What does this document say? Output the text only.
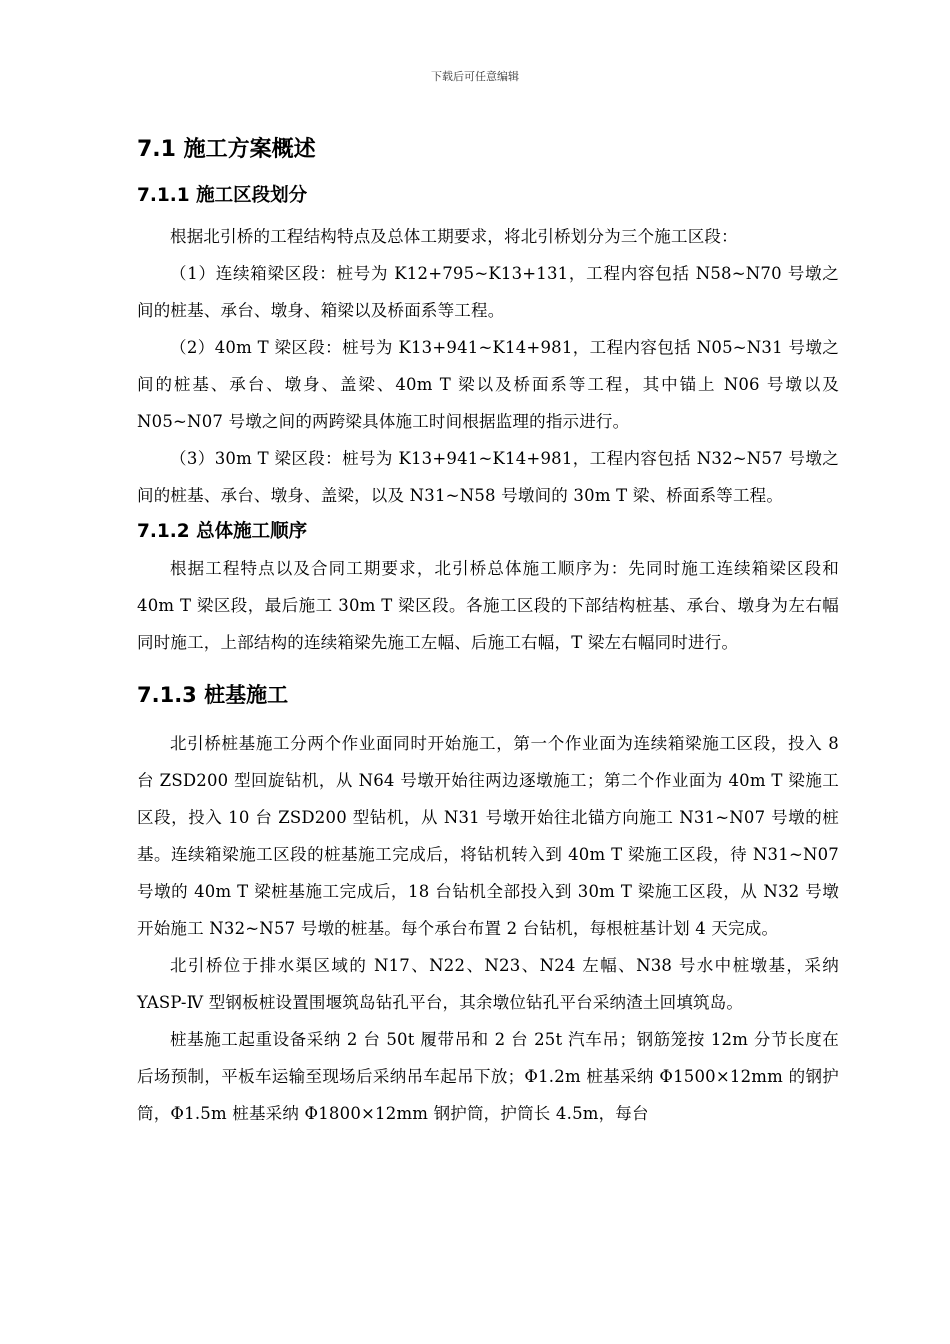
下载后可任意编辑
7.1 施工方案概述
7.1.1 施工区段划分

根据北引桥的工程结构特点及总体工期要求，将北引桥划分为三个施工区段：

（1）连续箱梁区段：桩号为 K12+795~K13+131，工程内容包括 N58~N70 号墩之间的桩基、承台、墩身、箱梁以及桥面系等工程。

（2）40m T 梁区段：桩号为 K13+941~K14+981，工程内容包括 N05~N31 号墩之间的桩基、承台、墩身、盖梁、40m T 梁以及桥面系等工程，其中锚上 N06 号墩以及 N05~N07 号墩之间的两跨梁具体施工时间根据监理的指示进行。

（3）30m T 梁区段：桩号为 K13+941~K14+981，工程内容包括 N32~N57 号墩之间的桩基、承台、墩身、盖梁，以及 N31~N58 号墩间的 30m T 梁、桥面系等工程。

7.1.2 总体施工顺序

根据工程特点以及合同工期要求，北引桥总体施工顺序为：先同时施工连续箱梁区段和 40m T 梁区段，最后施工 30m T 梁区段。各施工区段的下部结构桩基、承台、墩身为左右幅同时施工，上部结构的连续箱梁先施工左幅、后施工右幅，T 梁左右幅同时进行。

7.1.3 桩基施工

北引桥桩基施工分两个作业面同时开始施工，第一个作业面为连续箱梁施工区段，投入 8 台 ZSD200 型回旋钻机，从 N64 号墩开始往两边逐墩施工；第二个作业面为 40m T 梁施工区段，投入 10 台 ZSD200 型钻机，从 N31 号墩开始往北锚方向施工 N31~N07 号墩的桩基。连续箱梁施工区段的桩基施工完成后，将钻机转入到 40m T 梁施工区段，待 N31~N07 号墩的 40m T 梁桩基施工完成后，18 台钻机全部投入到 30m T 梁施工区段，从 N32 号墩开始施工 N32~N57 号墩的桩基。每个承台布置 2 台钻机，每根桩基计划 4 天完成。

北引桥位于排水渠区域的 N17、N22、N23、N24 左幅、N38 号水中桩墩基，采纳 YASP-Ⅳ 型钢板桩设置围堰筑岛钻孔平台，其余墩位钻孔平台采纳渣土回填筑岛。

桩基施工起重设备采纳 2 台 50t 履带吊和 2 台 25t 汽车吊；钢筋笼按 12m 分节长度在后场预制，平板车运输至现场后采纳吊车起吊下放；Φ1.2m 桩基采纳 Φ1500×12mm 的钢护筒，Φ1.5m 桩基采纳 Φ1800×12mm 钢护筒，护筒长 4.5m，每台
